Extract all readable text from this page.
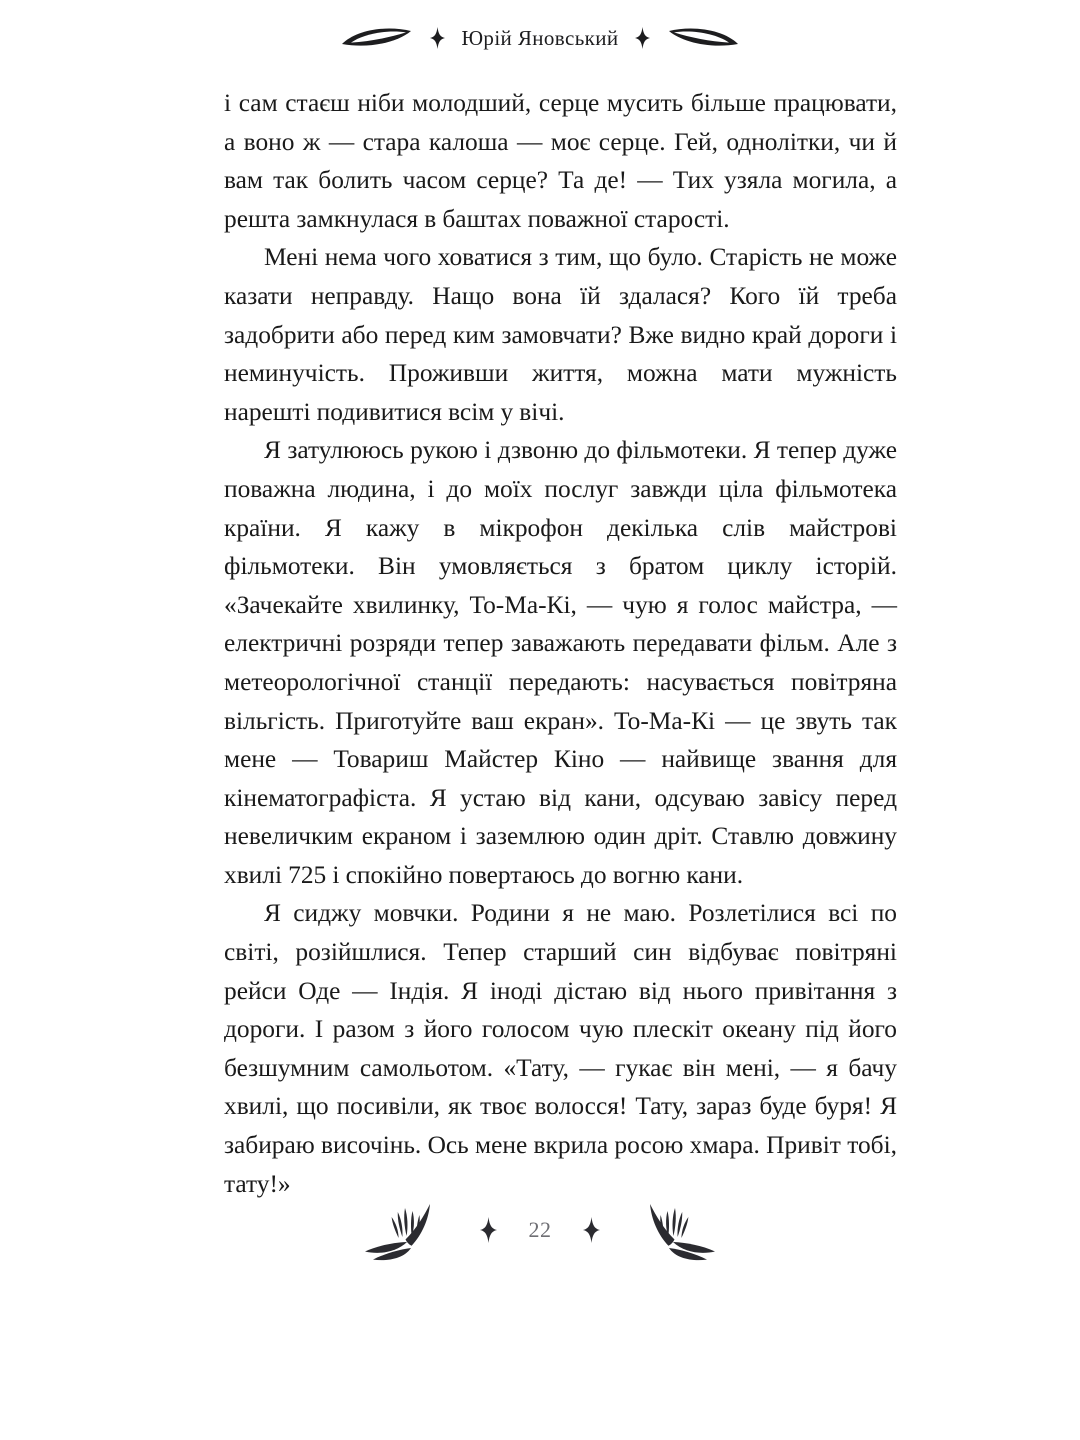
Юрій Яновський

і сам стаєш ніби молодший, серце мусить більше працювати, а воно ж — стара калоша — моє серце. Гей, однолітки, чи й вам так болить часом серце? Та де! — Тих узяла могила, а решта замкнулася в баштах поважної старості.

Мені нема чого ховатися з тим, що було. Старість не може казати неправду. Нащо вона їй здалася? Кого їй треба задобрити або перед ким замовчати? Вже видно край дороги і неминучість. Проживши життя, можна мати мужність нарешті подивитися всім у вічі.

Я затулююсь рукою і дзвоню до фільмотеки. Я тепер дуже поважна людина, і до моїх послуг завжди ціла фільмотека країни. Я кажу в мікрофон декілька слів майстрові фільмотеки. Він умовляється з братом циклу історій. «Зачекайте хвилинку, То-Ма-Кі, — чую я голос майстра, — електричні розряди тепер заважають передавати фільм. Але з метеорологічної станції передають: насувається повітряна вільгість. Приготуйте ваш екран». То-Ма-Кі — це звуть так мене — Товариш Майстер Кіно — найвище звання для кінематографіста. Я устаю від кани, одсуваю завісу перед невеличким екраном і заземлюю один дріт. Ставлю довжину хвилі 725 і спокійно повертаюсь до вогню кани.

Я сиджу мовчки. Родини я не маю. Розлетілися всі по світі, розійшлися. Тепер старший син відбуває повітряні рейси Оде — Індія. Я іноді дістаю від нього привітання з дороги. І разом з його голосом чую плескіт океану під його безшумним самольотом. «Тату, — гукає він мені, — я бачу хвилі, що посивіли, як твоє волосся! Тату, зараз буде буря! Я забираю височінь. Ось мене вкрила росою хмара. Привіт тобі, тату!»

22
